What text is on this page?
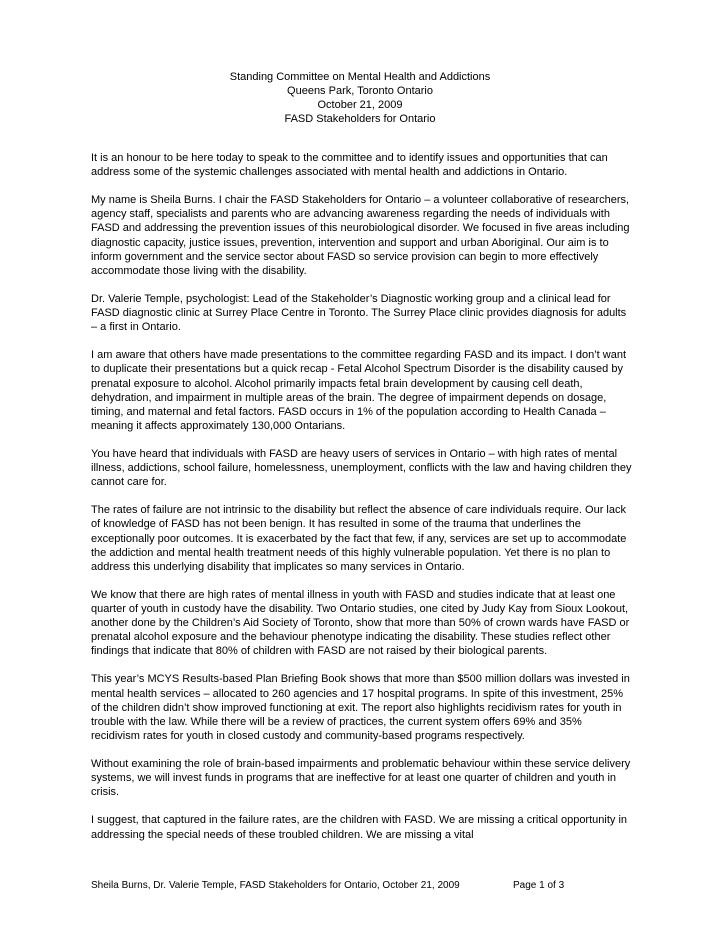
Standing Committee on Mental Health and Addictions
Queens Park, Toronto Ontario
October 21, 2009
FASD Stakeholders for Ontario

It is an honour to be here today to speak to the committee and to identify issues and opportunities that can address some of the systemic challenges associated with mental health and addictions in Ontario.

My name is Sheila Burns. I chair the FASD Stakeholders for Ontario – a volunteer collaborative of researchers, agency staff, specialists and parents who are advancing awareness regarding the needs of individuals with FASD and addressing the prevention issues of this neurobiological disorder. We focused in five areas including diagnostic capacity, justice issues, prevention, intervention and support and urban Aboriginal. Our aim is to inform government and the service sector about FASD so service provision can begin to more effectively accommodate those living with the disability.

Dr. Valerie Temple, psychologist: Lead of the Stakeholder’s Diagnostic working group and a clinical lead for FASD diagnostic clinic at Surrey Place Centre in Toronto. The Surrey Place clinic provides diagnosis for adults – a first in Ontario.

I am aware that others have made presentations to the committee regarding FASD and its impact. I don’t want to duplicate their presentations but a quick recap - Fetal Alcohol Spectrum Disorder is the disability caused by prenatal exposure to alcohol. Alcohol primarily impacts fetal brain development by causing cell death, dehydration, and impairment in multiple areas of the brain. The degree of impairment depends on dosage, timing, and maternal and fetal factors. FASD occurs in 1% of the population according to Health Canada – meaning it affects approximately 130,000 Ontarians.

You have heard that individuals with FASD are heavy users of services in Ontario – with high rates of mental illness, addictions, school failure, homelessness, unemployment, conflicts with the law and having children they cannot care for.

The rates of failure are not intrinsic to the disability but reflect the absence of care individuals require. Our lack of knowledge of FASD has not been benign. It has resulted in some of the trauma that underlines the exceptionally poor outcomes. It is exacerbated by the fact that few, if any, services are set up to accommodate the addiction and mental health treatment needs of this highly vulnerable population. Yet there is no plan to address this underlying disability that implicates so many services in Ontario.

We know that there are high rates of mental illness in youth with FASD and studies indicate that at least one quarter of youth in custody have the disability. Two Ontario studies, one cited by Judy Kay from Sioux Lookout, another done by the Children’s Aid Society of Toronto, show that more than 50% of crown wards have FASD or prenatal alcohol exposure and the behaviour phenotype indicating the disability. These studies reflect other findings that indicate that 80% of children with FASD are not raised by their biological parents.

This year’s MCYS Results-based Plan Briefing Book shows that more than $500 million dollars was invested in mental health services – allocated to 260 agencies and 17 hospital programs. In spite of this investment, 25% of the children didn’t show improved functioning at exit. The report also highlights recidivism rates for youth in trouble with the law. While there will be a review of practices, the current system offers 69% and 35% recidivism rates for youth in closed custody and community-based programs respectively.

Without examining the role of brain-based impairments and problematic behaviour within these service delivery systems, we will invest funds in programs that are ineffective for at least one quarter of children and youth in crisis.

I suggest, that captured in the failure rates, are the children with FASD. We are missing a critical opportunity in addressing the special needs of these troubled children. We are missing a vital

Sheila Burns, Dr. Valerie Temple, FASD Stakeholders for Ontario, October 21, 2009	Page 1 of 3
